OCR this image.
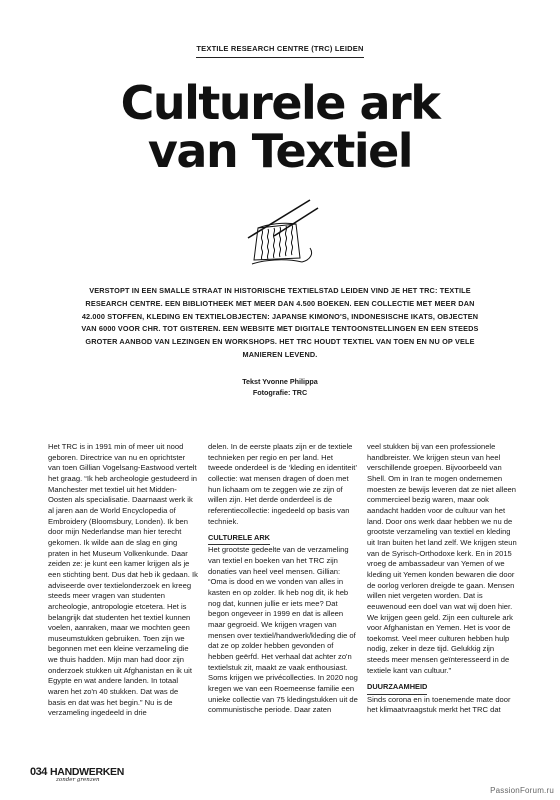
TEXTILE RESEARCH CENTRE (TRC) LEIDEN
Culturele ark
van Textiel
VERSTOPT IN EEN SMALLE STRAAT IN HISTORISCHE TEXTIELSTAD LEIDEN VIND JE HET TRC: TEXTILE RESEARCH CENTRE. EEN BIBLIOTHEEK MET MEER DAN 4.500 BOEKEN. EEN COLLECTIE MET MEER DAN 42.000 STOFFEN, KLEDING EN TEXTIELOBJECTEN: JAPANSE KIMONO'S, INDONESISCHE IKATS, OBJECTEN VAN 6000 VOOR CHR. TOT GISTEREN. EEN WEBSITE MET DIGITALE TENTOONSTELLINGEN EN EEN STEEDS GROTER AANBOD VAN LEZINGEN EN WORKSHOPS. HET TRC HOUDT TEXTIEL VAN TOEN EN NU OP VELE MANIEREN LEVEND.
Tekst Yvonne Philippa
Fotografie: TRC

Het TRC is in 1991 min of meer uit nood geboren. Directrice van nu en oprichtster van toen Gillian Vogelsang-Eastwood vertelt het graag. “Ik heb archeologie gestudeerd in Manchester met textiel uit het Midden-Oosten als specialisatie. Daarnaast werk ik al jaren aan de World Encyclopedia of Embroidery (Bloomsbury, Londen). Ik ben door mijn Nederlandse man hier terecht gekomen. Ik wilde aan de slag en ging praten in het Museum Volkenkunde. Daar zeiden ze: je kunt een kamer krijgen als je een stichting bent. Dus dat heb ik gedaan. Ik adviseerde over textielonderzoek en kreeg steeds meer vragen van studenten archeologie, antropologie etcetera. Het is belangrijk dat studenten het textiel kunnen voelen, aanraken, maar we mochten geen museumstukken gebruiken. Toen zijn we begonnen met een kleine verzameling die we thuis hadden. Mijn man had door zijn onderzoek stukken uit Afghanistan en ik uit Egypte en wat andere landen. In totaal waren het zo'n 40 stukken. Dat was de basis en dat was het begin.” Nu is de verzameling ingedeeld in drie

delen. In de eerste plaats zijn er de textiele technieken per regio en per land. Het tweede onderdeel is de ‘kleding en identiteit’ collectie: wat mensen dragen of doen met hun lichaam om te zeggen wie ze zijn of willen zijn. Het derde onderdeel is de referentiecollectie: ingedeeld op basis van techniek.

CULTURELE ARK

Het grootste gedeelte van de verzameling van textiel en boeken van het TRC zijn donaties van heel veel mensen. Gillian: “Oma is dood en we vonden van alles in kasten en op zolder. Ik heb nog dit, ik heb nog dat, kunnen jullie er iets mee? Dat begon ongeveer in 1999 en dat is alleen maar gegroeid. We krijgen vragen van mensen over textiel/handwerk/kleding die of dat ze op zolder hebben gevonden of hebben geërfd. Het verhaal dat achter zo'n textielstuk zit, maakt ze vaak enthousiast. Soms krijgen we privécollecties. In 2020 nog kregen we van een Roemeense familie een unieke collectie van 75 kledingstukken uit de communistische periode. Daar zaten

veel stukken bij van een professionele handbreister. We krijgen steun van heel verschillende groepen. Bijvoorbeeld van Shell. Om in Iran te mogen ondernemen moesten ze bewijs leveren dat ze niet alleen commercieel bezig waren, maar ook aandacht hadden voor de cultuur van het land. Door ons werk daar hebben we nu de grootste verzameling van textiel en kleding uit Iran buiten het land zelf. We krijgen steun van de Syrisch-Orthodoxe kerk. En in 2015 vroeg de ambassadeur van Yemen of we kleding uit Yemen konden bewaren die door de oorlog verloren dreigde te gaan. Mensen willen niet vergeten worden. Dat is eeuwenoud een doel van wat wij doen hier. We krijgen geen geld. Zijn een culturele ark voor Afghanistan en Yemen. Het is voor de toekomst. Veel meer culturen hebben hulp nodig, zeker in deze tijd. Gelukkig zijn steeds meer mensen geïnteresseerd in de textiele kant van cultuur.”

DUURZAAMHEID

Sinds corona en in toenemende mate door het klimaatvraagstuk merkt het TRC dat

034 HANDWERKEN
zonder grenzen
PassionForum.ru
